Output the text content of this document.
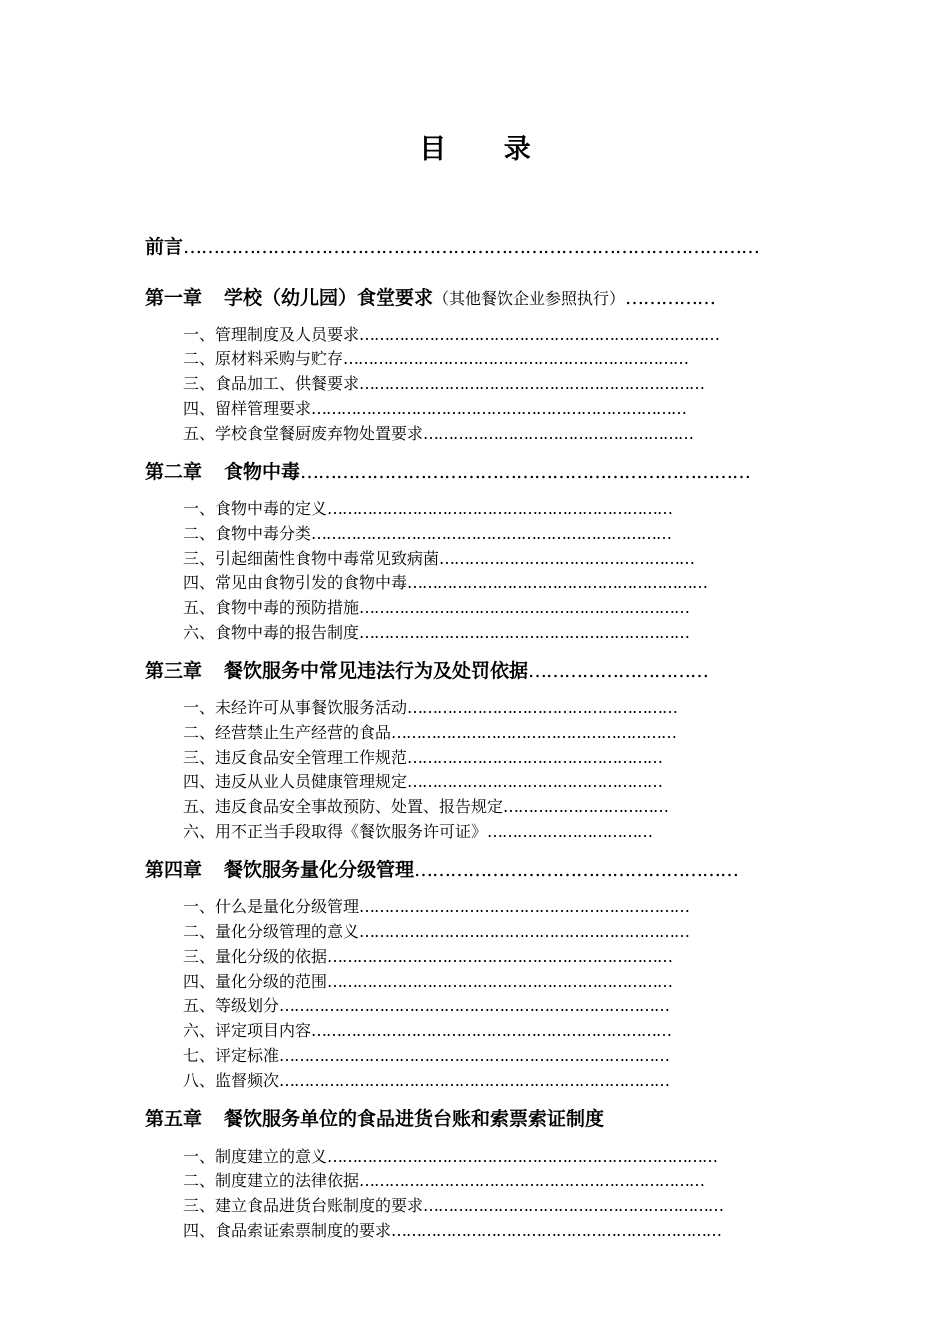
目 录
前言……………………………………………………………………………………
第一章 学校（幼儿园）食堂要求（其他餐饮企业参照执行）……………
一、管理制度及人员要求………………………………………………………………
二、原材料采购与贮存……………………………………………………………
三、食品加工、供餐要求……………………………………………………………
四、留样管理要求…………………………………………………………………
五、学校食堂餐厨废弃物处置要求………………………………………………
第二章 食物中毒…………………………………………………………………
一、食物中毒的定义……………………………………………………………
二、食物中毒分类………………………………………………………………
三、引起细菌性食物中毒常见致病菌……………………………………………
四、常见由食物引发的食物中毒……………………………………………………
五、食物中毒的预防措施…………………………………………………………
六、食物中毒的报告制度…………………………………………………………
第三章 餐饮服务中常见违法行为及处罚依据…………………………
一、未经许可从事餐饮服务活动………………………………………………
二、经营禁止生产经营的食品…………………………………………………
三、违反食品安全管理工作规范……………………………………………
四、违反从业人员健康管理规定……………………………………………
五、违反食品安全事故预防、处置、报告规定……………………………
六、用不正当手段取得《餐饮服务许可证》……………………………
第四章 餐饮服务量化分级管理………………………………………………
一、什么是量化分级管理…………………………………………………………
二、量化分级管理的意义…………………………………………………………
三、量化分级的依据……………………………………………………………
四、量化分级的范围……………………………………………………………
五、等级划分……………………………………………………………………
六、评定项目内容………………………………………………………………
七、评定标准……………………………………………………………………
八、监督频次……………………………………………………………………
第五章 餐饮服务单位的食品进货台账和索票索证制度
一、制度建立的意义……………………………………………………………………
二、制度建立的法律依据……………………………………………………………
三、建立食品进货台账制度的要求……………………………………………………
四、食品索证索票制度的要求…………………………………………………………
